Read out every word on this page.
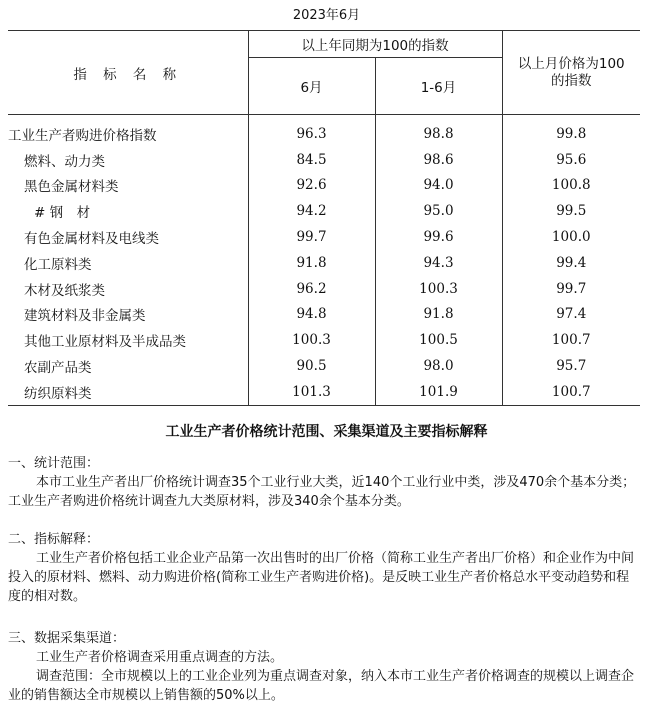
2023年6月
指 标 名 称	以上年同期为100的指数		以上月价格为100的指数

	6月	1-6月	
工业生产者购进价格指数	96.3	98.8	99.8
燃料、动力类	84.5	98.6	95.6
黑色金属材料类	92.6	94.0	100.8
# 钢　材	94.2	95.0	99.5
有色金属材料及电线类	99.7	99.6	100.0
化工原料类	91.8	94.3	99.4
木材及纸浆类	96.2	100.3	99.7
建筑材料及非金属类	94.8	91.8	97.4
其他工业原材料及半成品类	100.3	100.5	100.7
农副产品类	90.5	98.0	95.7
纺织原料类	101.3	101.9	100.7
工业生产者价格统计范围、采集渠道及主要指标解释

一、统计范围：

本市工业生产者出厂价格统计调查35个工业行业大类，近140个工业行业中类，涉及470余个基本分类；工业生产者购进价格统计调查九大类原材料，涉及340余个基本分类。

二、指标解释：

工业生产者价格包括工业企业产品第一次出售时的出厂价格（简称工业生产者出厂价格）和企业作为中间投入的原材料、燃料、动力购进价格(简称工业生产者购进价格)。是反映工业生产者价格总水平变动趋势和程度的相对数。

三、数据采集渠道：

工业生产者价格调查采用重点调查的方法。

调查范围：全市规模以上的工业企业列为重点调查对象，纳入本市工业生产者价格调查的规模以上调查企业的销售额达全市规模以上销售额的50%以上。
